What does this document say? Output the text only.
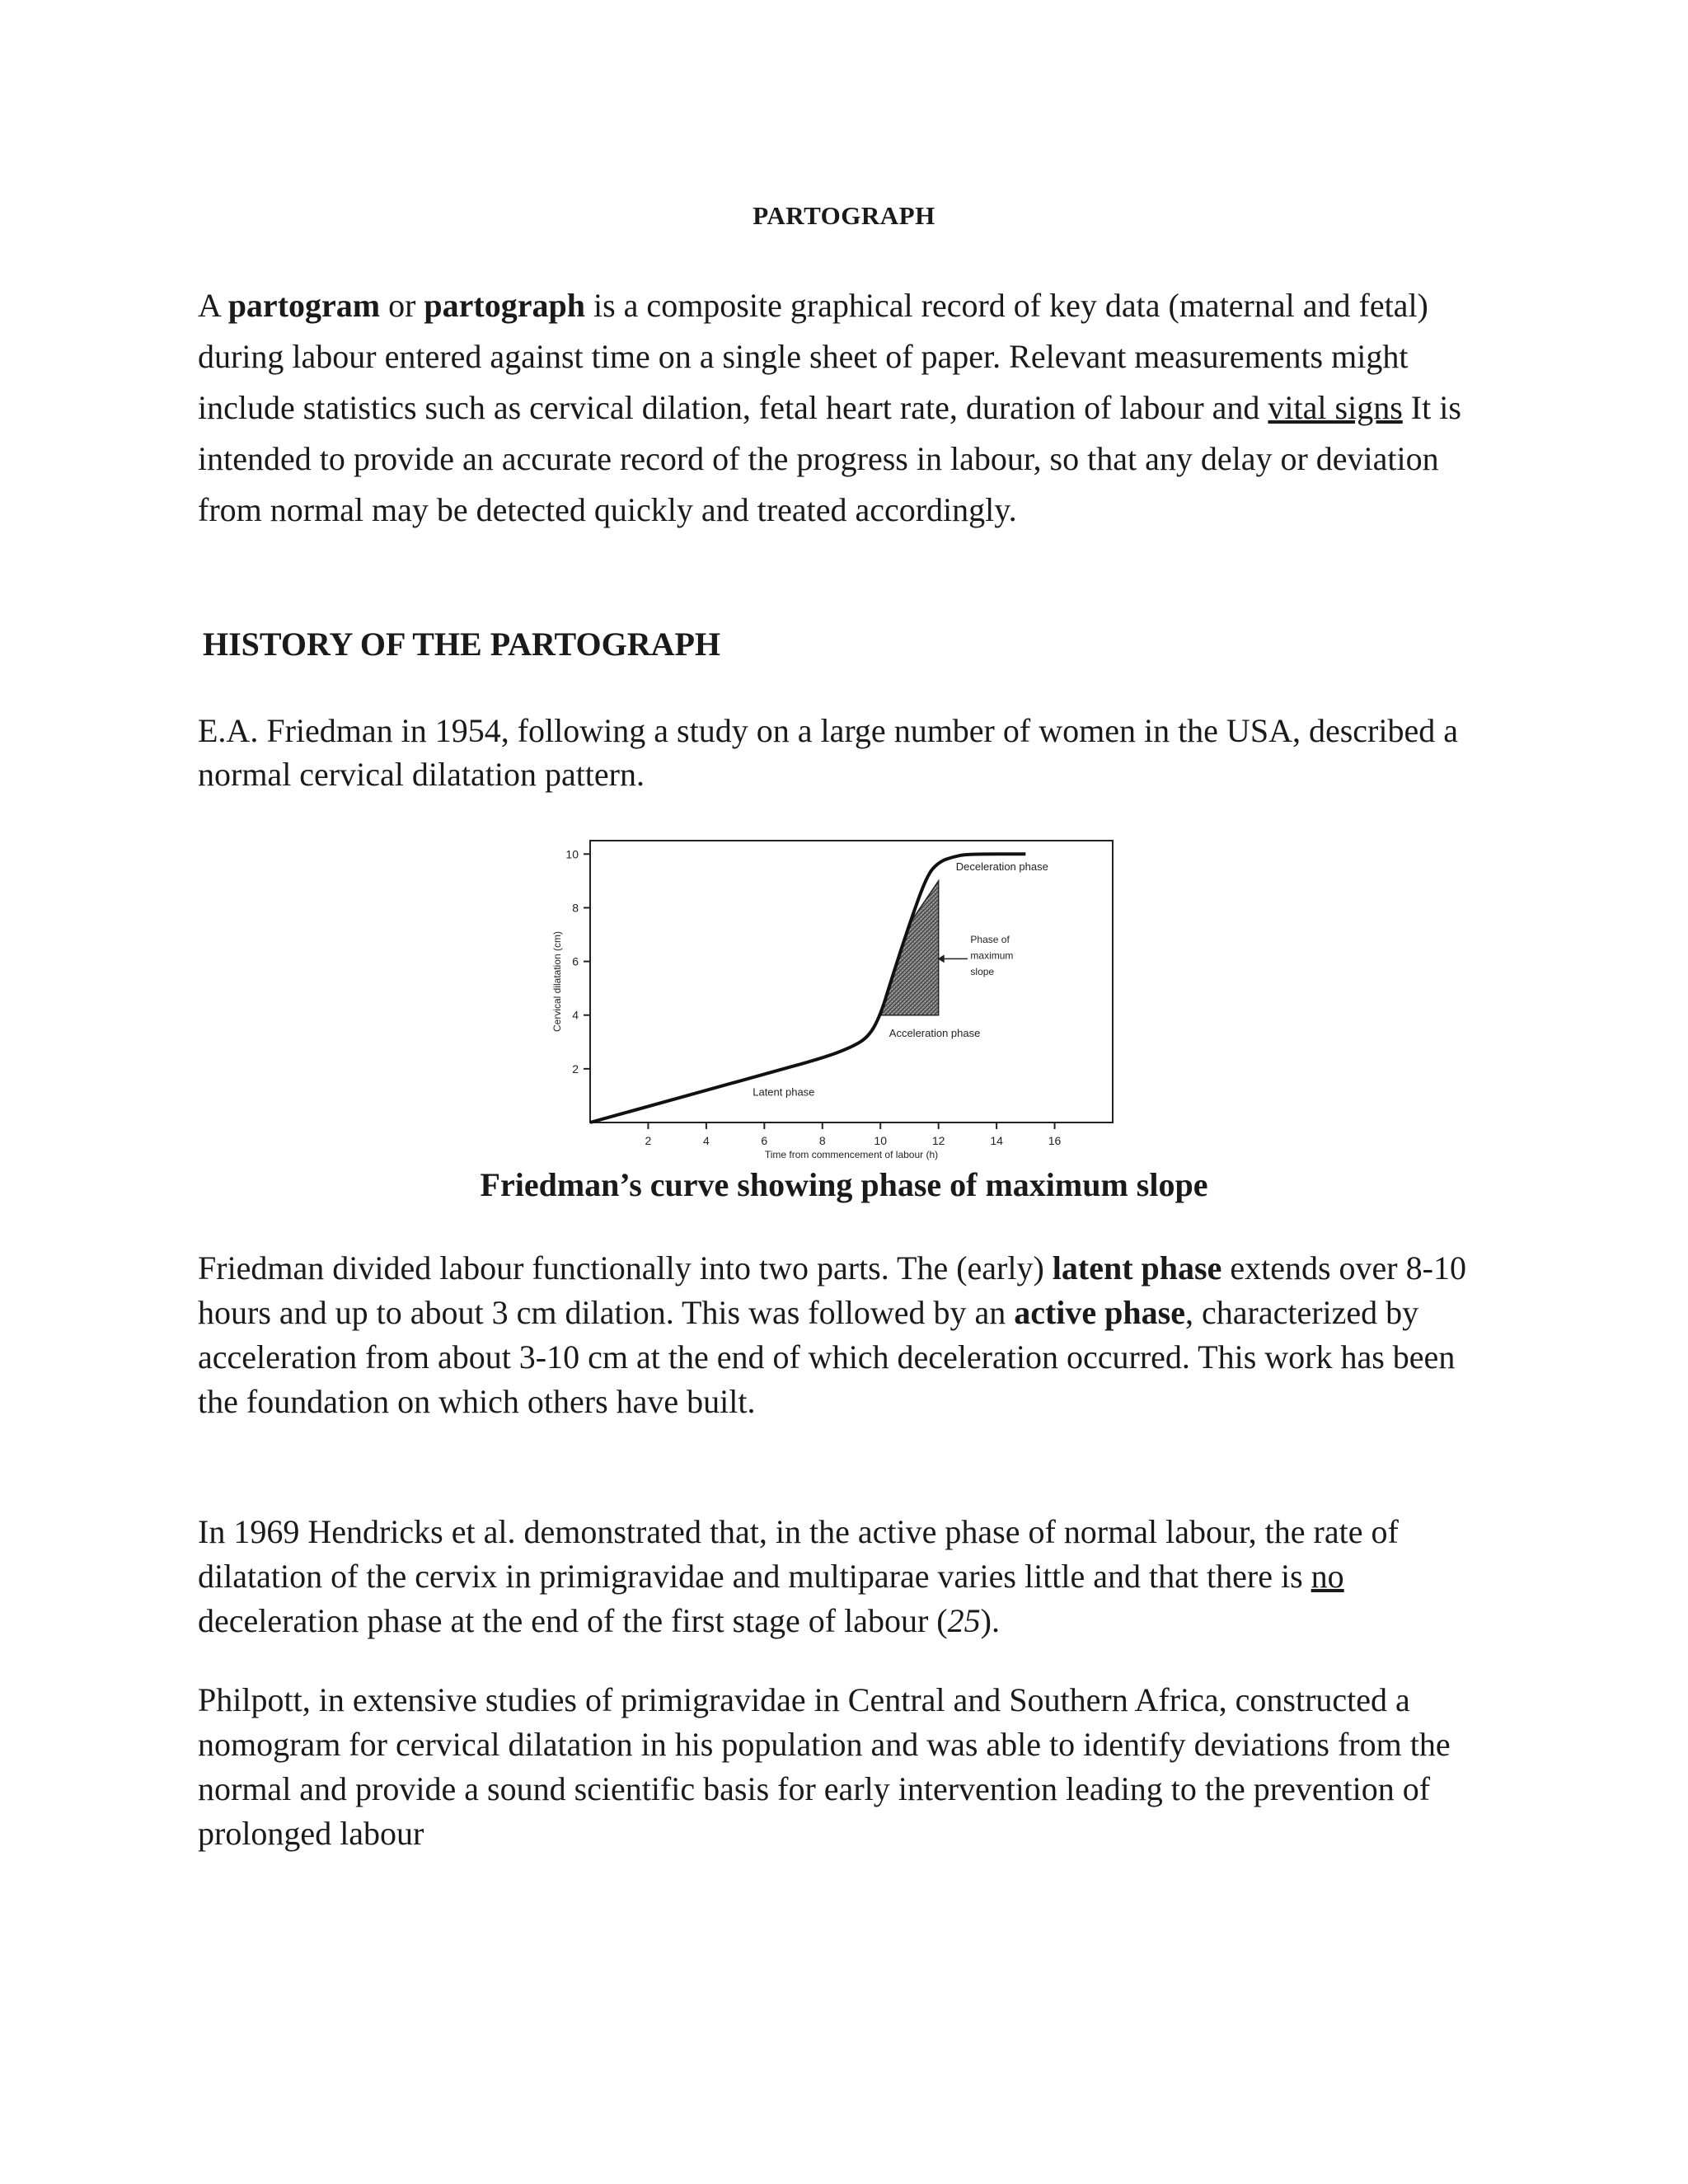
PARTOGRAPH

A partogram or partograph is a composite graphical record of key data (maternal and fetal) during labour entered against time on a single sheet of paper. Relevant measurements might include statistics such as cervical dilation, fetal heart rate, duration of labour and vital signs It is intended to provide an accurate record of the progress in labour, so that any delay or deviation from normal may be detected quickly and treated accordingly.

HISTORY OF THE PARTOGRAPH

E.A. Friedman in 1954, following a study on a large number of women in the USA, described a normal cervical dilatation pattern.

2
4
6
8
10
2	4	6	8	10	12	14	16
Time from commencement of labour (h)
Cervical dilatation (cm)
Deceleration phase
Phase of
maximum
slope
Acceleration phase
Latent phase
Friedman’s curve showing phase of maximum slope

Friedman divided labour functionally into two parts. The (early) latent phase extends over 8-10 hours and up to about 3 cm dilation. This was followed by an active phase, characterized by acceleration from about 3-10 cm at the end of which deceleration occurred. This work has been the foundation on which others have built.

In 1969 Hendricks et al. demonstrated that, in the active phase of normal labour, the rate of dilatation of the cervix in primigravidae and multiparae varies little and that there is no deceleration phase at the end of the first stage of labour (25).

Philpott, in extensive studies of primigravidae in Central and Southern Africa, constructed a nomogram for cervical dilatation in his population and was able to identify deviations from the normal and provide a sound scientific basis for early intervention leading to the prevention of prolonged labour
